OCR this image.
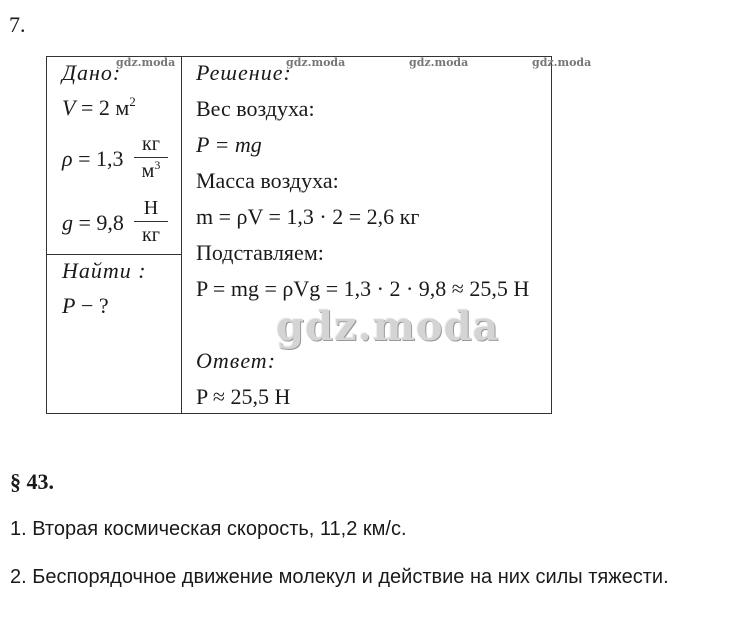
7.
Дано:
V = 2 $м^2$
ρ = 1,3
кг
$м^3$
g = 9,8
Н
кг
Найти :
P − ?
Решение:
Вес воздуха:
P = mg
Масса воздуха:
m = ρV = 1,3 · 2 = 2,6 кг
Подставляем:
P = mg = ρVg = 1,3 · 2 · 9,8 ≈ 25,5 Н
gdz.moda
Ответ:
P ≈ 25,5 Н
gdz.moda	gdz.moda	gdz.moda	gdz.moda
§ 43.
1. Вторая космическая скорость, 11,2 км/с.
2. Беспорядочное движение молекул и действие на них силы тяжести.
